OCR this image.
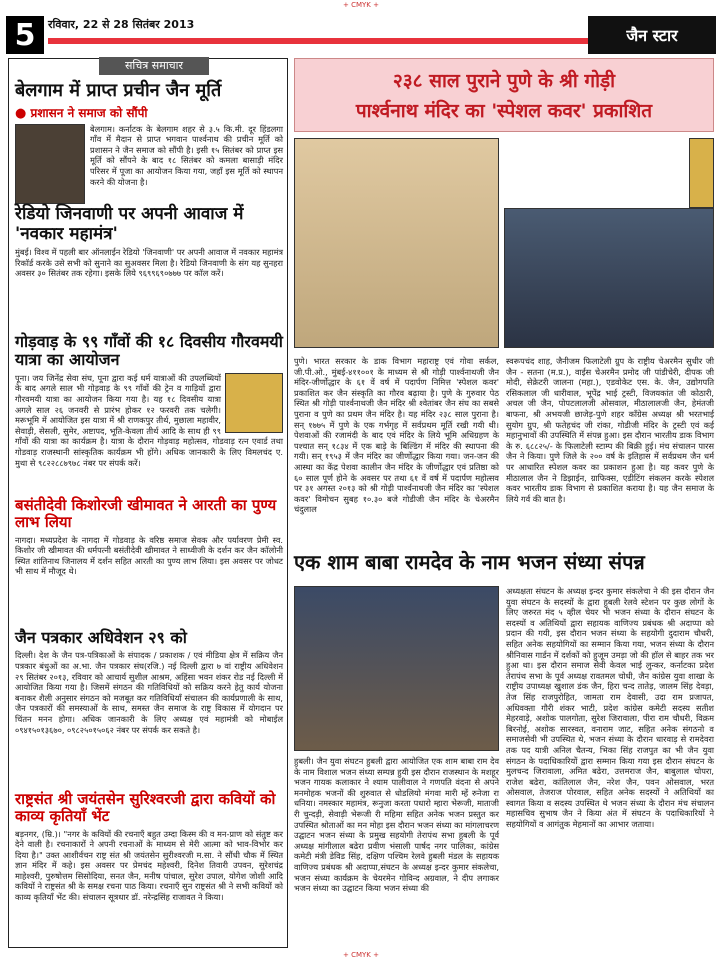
+ CMYK +
5	रविवार, 22 से 28 सितंबर 2013
जैन स्टार
सचित्र समाचार
बेलगाम में प्राप्त प्रचीन जैन मूर्ति
● प्रशासन ने समाज को सौंपी
बेलगाम। कर्नाटक के बेलगाम शहर से ३.५ कि.मी. दूर हिंडलगा गाँव में मैदान से प्राप्त भगवान पार्श्वनाथ की प्रचीन मूर्ति को प्रशासन ने जैन समाज को सौंपी है। इसी १५ सितंबर को प्राप्त इस मूर्ति को सौंपने के बाद १८ सितंबर को कमला बासाड़ी मंदिर परिसर में पूजा का आयोजन किया गया, जहाँ इस मूर्ति को स्थापन करने की योजना है।
रेडियो जिनवाणी पर अपनी आवाज में 'नवकार महामंत्र'
मुंबई। विश्व में पहली बार ऑनलाईन रेडियो 'जिनवाणी' पर अपनी आवाज में नवकार महामंत्र रिकॉर्ड करके उसे सभी को सुनाने का सुअवसर मिला है। रेडियो जिनवाणी के संग यह सुनहरा अवसर ३० सितंबर तक रहेगा। इसके लिये ९६९९६९०७७७ पर कॉल करें।
गोड़वाड़ के ९९ गाँवों की १८ दिवसीय गौरवमयी यात्रा का आयोजन
पूना। जय जिनेंद्र सेवा संघ, पूना द्वारा कई धर्म यात्राओं की उपलब्धियों के बाद अगले साल भी गोड़वाड़ के ९९ गाँवों की ट्रेन व गाड़ियों द्वारा गौरवमयी यात्रा का आयोजन किया गया है। यह १८ दिवसीय यात्रा अगले साल २६ जनवरी से प्रारंभ होकर १२ फरवरी तक चलेगी। मरूभूमि में आयोजित इस यात्रा में श्री राणकपुर तीर्थ, मुछाला महावीर, सेवाड़ी, सेसली, सुमेर, अष्टापद, भूति-केवला तीर्थ आदि के साथ ही ९९ गाँवों की यात्रा का कार्यक्रम है। यात्रा के दौरान गोड़वाड़ महोत्सव, गोडवाड़ रत्न एवार्ड तथा गोडवाड़ राजस्थानी सांस्कृतिक कार्यक्रम भी होंगे। अधिक जानकारी के लिए विमलचंद ए. मुथा से ९८२२८८७९७८ नंबर पर संपर्क करें।
बसंतीदेवी किशोरजी खीमावत ने आरती का पुण्य लाभ लिया
नागदा। मध्यप्रदेश के नागदा में गोडवाड़ के वरिष्ठ समाज सेवक और पर्यावरण प्रेमी स्व. किशोर जी खीमावत की धर्मपत्नी बसंतीदेवी खीमावत ने साध्वीजी के दर्शन कर जैन कॉलोनी स्थित शांतिनाथ जिनालय में दर्शन सहित आरती का पुण्य लाभ लिया। इस अवसर पर जोधट भी साथ में मौजूद थे।
जैन पत्रकार अधिवेशन २९ को
दिल्ली। देश के जैन पत्र-पत्रिकाओं के संपादक / प्रकाशक / एवं मीडिया क्षेत्र में सक्रिय जैन पत्रकार बंधुओं का अ.भा. जैन पत्रकार संघ(रजि.) नई दिल्ली द्वारा ७ वां राष्ट्रीय अधिवेशन २९ सितंबर २०१३, रविवार को आचार्य सुशील आश्रम, अहिंसा भवन शंकर रोड नई दिल्ली में आयोजित किया गया है। जिसमें संगठन की गतिविधियों को सक्रिय करने हेतु कार्य योजना बनाकर शैली अनुसार संगठन को मजबूत कर गतिविधियाँ संचालन की कार्यप्रणाली के साथ, जैन पत्रकारों की समस्याओं के साथ, समस्त जैन समाज के राष्ट्र विकास में योगदान पर चिंतन मनन होगा। अधिक जानकारी के लिए अध्यक्ष एवं महामंत्री को मोबाईल ०९४१५०१३६७०, ०९८२५०१५०६२ नंबर पर संपर्क कर सकते है।
राष्ट्रसंत श्री जयंतसेन सुरिश्वरजी द्वारा कवियों को काव्य कृतियाँ भेंट
बड़नगर, (म्रि.)। "नगर के कवियों की रचनाएँ बहुत उम्दा किस्म की व मन-प्राण को संतुष्ट कर देने वाली है। रचनाकारों ने अपनी रचनाओं के माध्यम से मेरी आत्मा को भाव-विभोर कर दिया है।" उक्त आशीर्वचन राष्ट्र संत श्री जयंतसेन सुरीश्वरजी म.सा. ने सौंधी चौक में स्थित ज्ञान मंदिर में कहे। इस अवसर पर प्रेमचंद महेश्वरी, दिनेश तिवारी उपवन, सुरेशचंद्र माहेश्वरी, पुरुषोत्तम सिसोदिया, सनत जैन, मनीष पांचाल, सुरेश उपाल, योगेश जोशी आदि कवियों ने राष्ट्रसंत श्री के समक्ष रचना पाठ किया। रचनाएँ सुन राष्ट्रसंत श्री ने सभी कवियों को काव्य कृतियाँ भेंट की। संचालन सूत्रधार डॉ. नरेन्द्रसिंह राजावत ने किया।
२३८ साल पुराने पुणे के श्री गोड़ी
पार्श्वनाथ मंदिर का 'स्पेशल कवर' प्रकाशित
पुणे। भारत सरकार के डाक विभाग महाराष्ट्र एवं गोवा सर्कल, जी.पी.ओ., मुंबई-४११००१ के माध्यम से श्री गोड़ी पार्श्वनाथजी जैन मंदिर-जीर्णोद्धार के ६१ वें वर्ष में पदार्पण निमित्त 'स्पेशल कवर' प्रकाशित कर जैन संस्कृति का गौरव बढ़ाया है। पुणे के गुरुवार पेठ स्थित श्री गोड़ी पार्श्वनाथजी जैन मंदिर श्री श्वेतांबर जैन संघ का सबसे पुराना व पुणे का प्रथम जैन मंदिर है। यह मंदिर २३८ साल पुराना है। सन् १७७५ में पुणे के एक गर्भगृह में सर्वप्रथम मूर्ति रखी गयी थी। पेशवाओं की रजामंदी के बाद एवं मंदिर के लिये भूमि अधिग्रहण के पश्चात सन् १८३४ में एक बाड़े के बिल्डिंग में मंदिर की स्थापना की गयी। सन् १९५३ में जैन मंदिर का जीर्णोद्धार किया गया। जन-जन की आस्था का केंद्र पेशवा कालीन जैन मंदिर के जीर्णोद्धार एवं प्रतिष्ठा को ६० साल पूर्ण होने के अवसर पर तथा ६१ वें वर्ष में पदार्पण महोत्सव पर ३१ अगस्त २०१३ को श्री गोड़ी पार्श्वनाथजी जैन मंदिर का 'स्पेशल कवर' विमोचन सुबह १०.३० बजे गोडीजी जैन मंदिर के चेअरमैन चंदुलाल
स्वरूपचंद शाह, जैनीजम फिलाटेली ग्रुप के राष्ट्रीय चेअरमैन सुधीर जी जैन - सतना (म.प्र.), वाईस चेअरमैन प्रमोद जी पांडीचेरी, दीपक जी मोदी, सेक्रेटरी जालना (महा.), एडवोकेट एस. के. जैन, उद्योगपति रसिकलाल जी धारीवाल, भूपेंद्र भाई ट्रस्टी, विजयकांत जी कोठारी, अचल जी जैन, पोपटलालजी ओसवाल, मीठालालजी जैन, हेमंतजी बाफना, श्री अभयजी छाजेड़-पुणे शहर काँग्रेस अध्यक्ष श्री भरतभाई सुयोग ग्रुप, श्री फतेहचंद जी रांका, गोडीजी मंदिर के ट्रस्टी एवं कई महानुभावों की उपस्थिति में संपन्न हुआ। इस दौरान भारतीय डाक विभाग के रु. ६८८२५/- के फिलाटेली स्टाम्प की बिक्री हुई। मंच संचालन पारस जैन ने किया। पुणे जिले के २०० वर्ष के इतिहास में सर्वप्रथम जैन धर्म पर आधारित स्पेशल कवर का प्रकाशन हुआ है। यह कवर पुणे के मीठालाल जैन ने डिझाईन, ग्राफिक्स, एडीटिंग संकलन करके स्पेशल कवर भारतीय डाक विभाग से प्रकाशित कराया है। यह जैन समाज के लिये गर्व की बात है।
एक शाम बाबा रामदेव के नाम भजन संध्या संपन्न
हुबली। जैन युवा संघटन हुबली द्वारा आयोजित एक शाम बाबा राम देव के नाम विशाल भजन संध्या सम्पन्न हुयी इस दौरान राजस्थान के मशहूर भजन गायक कलाकार ने श्याम पालीवाल ने गणपति वंदना से अपने मनमोहक भजनों की शुरुवात से धोडलियो मंगवा मारी म्हें रुनेजा रा धनिया। नमस्कार महामंत्र, रूनुजा करता पधारो म्हारा भेरूजी, माताजी री चुन्दड़ी, सेवाड़ी भेरूजी री महिमा सहित अनेक भजन प्रस्तुत कर उपस्थित श्रोताओं का मन मोहा इस दौरान भजन संध्या का मांगलाचरण उद्घाटन भजन संध्या के प्रमुख सहयोगी तेरापंथ सभा हुबली के पूर्व अध्यक्ष मांगीलाल बढेरा प्रवीण भंसाली पार्षद नगर पालिका, कांग्रेस कमेटी मंत्री डेविड सिंह, दक्षिण पश्चिम रेलवे हुबली मंडल के सहायक वाणिज्य प्रबंधक श्री अदाप्पा,संघटन के अध्यक्ष इन्दर कुमार संकलेचा, भजन संध्या कार्यक्रम के चेयरमेन गोविन्द अग्रवाल, ने दीप लगाकर भजन संध्या का उद्घाटन किया भजन संध्या की
अध्यक्षता संघटन के अध्यक्ष इन्दर कुमार संकलेचा ने की इस दौरान जैन युवा संघटन के सदस्यों के द्वारा हुबली रेलवे स्टेशन पर कुछ लोगों के लिए जरुरत मंद ५ व्हील चेयर भी भजन संध्या के दौरान संघटन के सदस्यों व अतिथियों द्वारा सहायक वाणिज्य प्रबंधक श्री अदाप्पा को प्रदान की गयी, इस दौरान भजन संध्या के सहयोगी दुदाराम चौधरी, सहित अनेक सहयोगियों का सम्मान किया गया, भजन संध्या के दौरान श्रीनिवास गार्डन में दर्शकों को हुजूम उमड़ा जो की हॉल से बाहर तक भर हुआ था। इस दौरान समाज सेवी केवल भाई लुन्कर, कर्नाटका प्रदेश तेरापंथ सभा के पूर्व अध्यक्ष रावतमल चोधी, जैन कांग्रेस युवा शाखा के राष्ट्रीय उपाध्यक्ष खुशाल डंक जैन, हिरा चन्द तातेड़, जालम सिंह देवड़ा, तेज सिंह राजपुरोहित, जामता राम देवासी, उदा राम प्रजापत, अधिवक्ता गौरी शंकर भाटी, प्रदेश कांग्रेस कमेटी सदस्य सतीश मेहरवाड़े, अशोक पालगोता, सुरेश जिरावाला, पीरा राम चौधरी, विक्रम बिरनोई, अशोक सारस्वत, वनाराम जाट, सहित अनेक संगठनो व समाजसेवी भी उपस्थित थे, भजन संध्या के दौरान धारवाड़ से रामदेवरा तक पद यात्री अनिल चैतन्य, भिका सिंह राजपुत का भी जैन युवा संगठन के पदाधिकारियों द्वारा सम्मान किया गया इस दौरान संघटन के मुलचन्द जिरावाला, अमित बढेरा, उत्तमराज जैन, बाबुलाल चोपरा, राजेश बढेरा, कांतिलाल जैन, नरेश जैन, पवन ओसवाल, भरत ओसवाल, तेजराज पोरवाल, सहित अनेक सदस्यों ने अतिथियों का स्वागत किया व सदस्य उपस्थित थे भजन संध्या के दौरान मंच संचालन महासचिव सुभाष जैन ने किया अंत में संघटन के पदाधिकारियों ने सहयोगियों व आगंतुक मेहमानों का आभार जताया।
+ CMYK +
